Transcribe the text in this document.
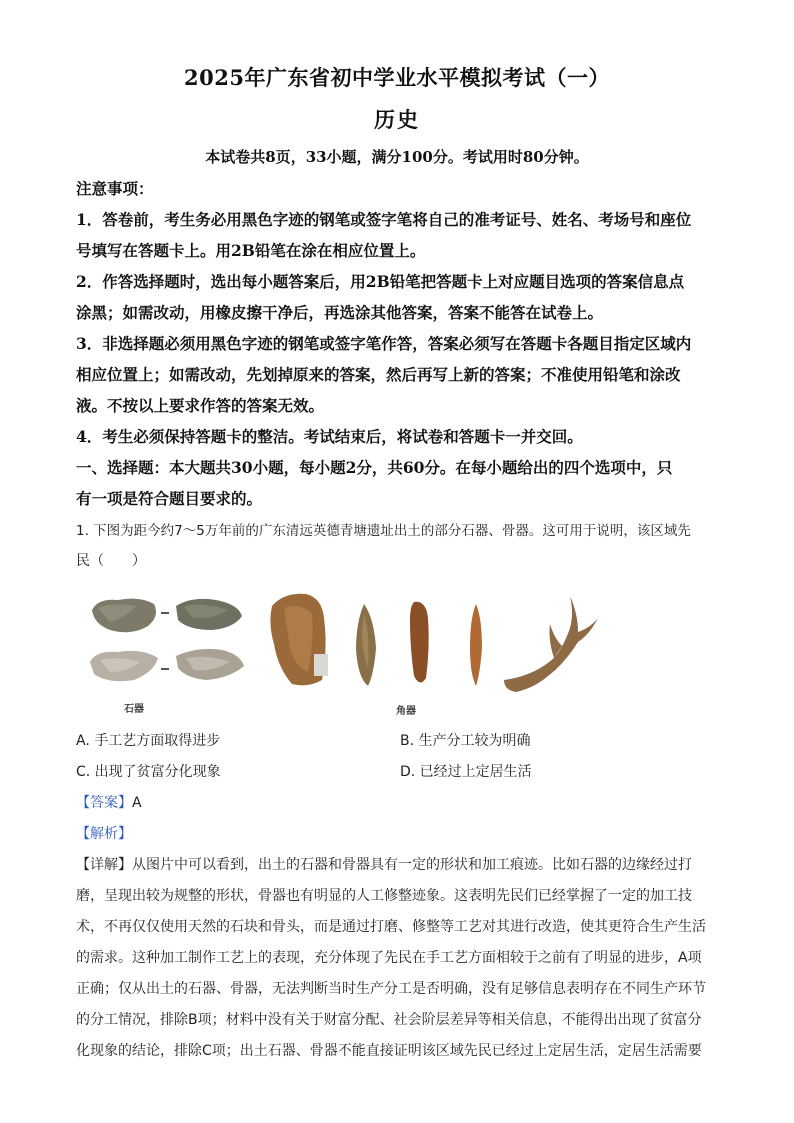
2025年广东省初中学业水平模拟考试（一）
历史
本试卷共8页，33小题，满分100分。考试用时80分钟。
注意事项：
1．答卷前，考生务必用黑色字迹的钢笔或签字笔将自己的准考证号、姓名、考场号和座位
号填写在答题卡上。用2B铅笔在涂在相应位置上。
2．作答选择题时，选出每小题答案后，用2B铅笔把答题卡上对应题目选项的答案信息点
涂黑；如需改动，用橡皮擦干净后，再选涂其他答案，答案不能答在试卷上。
3．非选择题必须用黑色字迹的钢笔或签字笔作答，答案必须写在答题卡各题目指定区域内
相应位置上；如需改动，先划掉原来的答案，然后再写上新的答案；不准使用铅笔和涂改
液。不按以上要求作答的答案无效。
4．考生必须保持答题卡的整洁。考试结束后，将试卷和答题卡一并交回。
一、选择题：本大题共30小题，每小题2分，共60分。在每小题给出的四个选项中，只
有一项是符合题目要求的。
1. 下图为距今约7～5万年前的广东清远英德青塘遗址出土的部分石器、骨器。这可用于说明，该区域先
民（　　）
石器	角器
A. 手工艺方面取得进步	B. 生产分工较为明确
C. 出现了贫富分化现象	D. 已经过上定居生活
【答案】A
【解析】
【详解】从图片中可以看到，出土的石器和骨器具有一定的形状和加工痕迹。比如石器的边缘经过打
磨，呈现出较为规整的形状，骨器也有明显的人工修整迹象。这表明先民们已经掌握了一定的加工技
术，不再仅仅使用天然的石块和骨头，而是通过打磨、修整等工艺对其进行改造，使其更符合生产生活
的需求。这种加工制作工艺上的表现，充分体现了先民在手工艺方面相较于之前有了明显的进步，A项
正确；仅从出土的石器、骨器，无法判断当时生产分工是否明确，没有足够信息表明存在不同生产环节
的分工情况，排除B项；材料中没有关于财富分配、社会阶层差异等相关信息，不能得出出现了贫富分
化现象的结论，排除C项；出土石器、骨器不能直接证明该区域先民已经过上定居生活，定居生活需要
